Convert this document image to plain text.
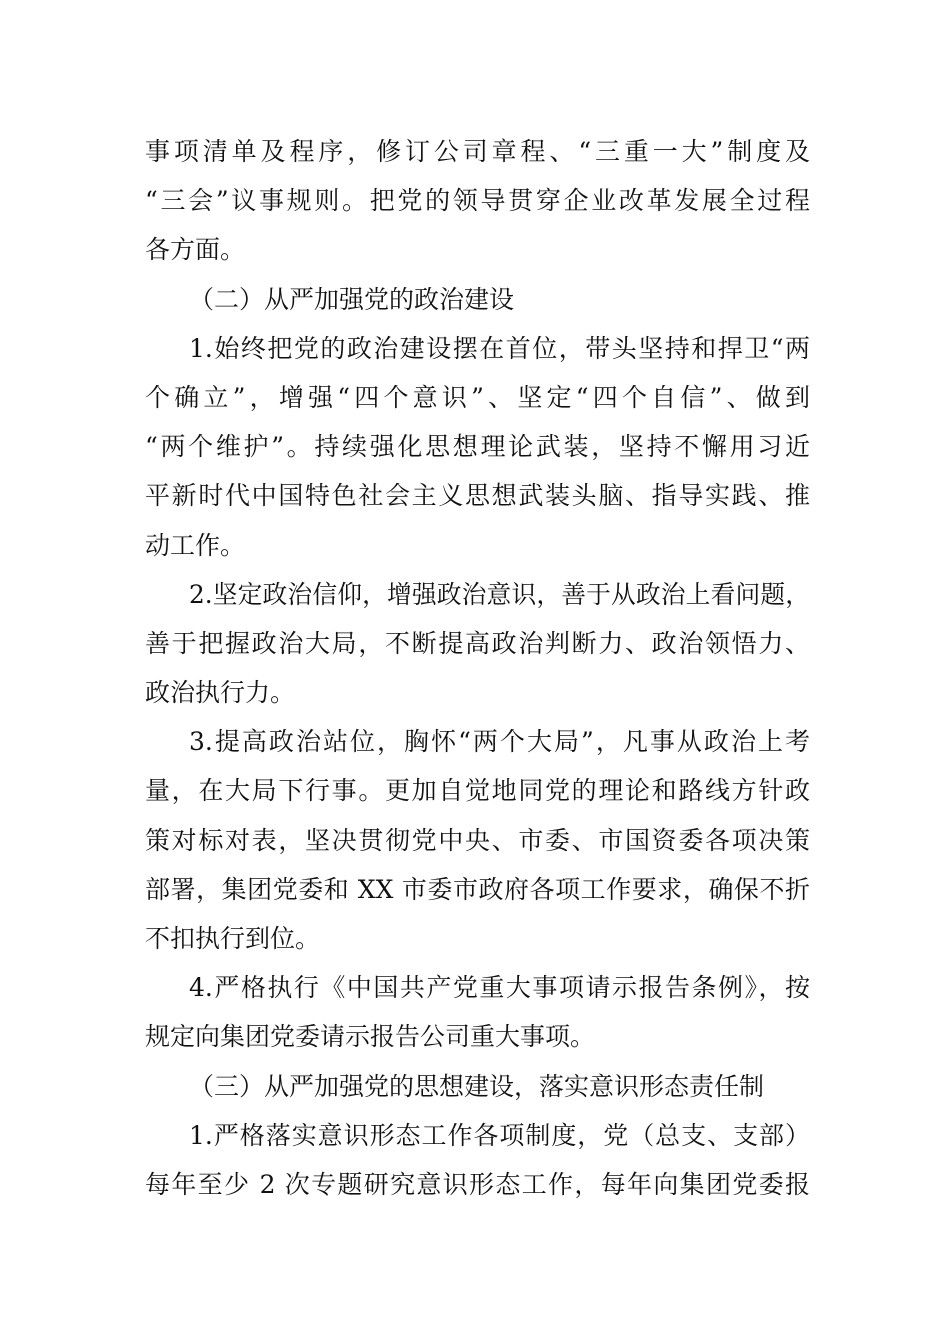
事项清单及程序，修订公司章程、“三重一大”制度及
“三会”议事规则。把党的领导贯穿企业改革发展全过程
各方面。
（二）从严加强党的政治建设
1.始终把党的政治建设摆在首位，带头坚持和捍卫“两
个确立”，增强“四个意识”、坚定“四个自信”、做到
“两个维护”。持续强化思想理论武装，坚持不懈用习近
平新时代中国特色社会主义思想武装头脑、指导实践、推
动工作。
2.坚定政治信仰，增强政治意识，善于从政治上看问题，
善于把握政治大局，不断提高政治判断力、政治领悟力、
政治执行力。
3.提高政治站位，胸怀“两个大局”，凡事从政治上考
量，在大局下行事。更加自觉地同党的理论和路线方针政
策对标对表，坚决贯彻党中央、市委、市国资委各项决策
部署，集团党委和 XX 市委市政府各项工作要求，确保不折
不扣执行到位。
4.严格执行《中国共产党重大事项请示报告条例》，按
规定向集团党委请示报告公司重大事项。
（三）从严加强党的思想建设，落实意识形态责任制
1.严格落实意识形态工作各项制度，党（总支、支部）
每年至少 2 次专题研究意识形态工作，每年向集团党委报
